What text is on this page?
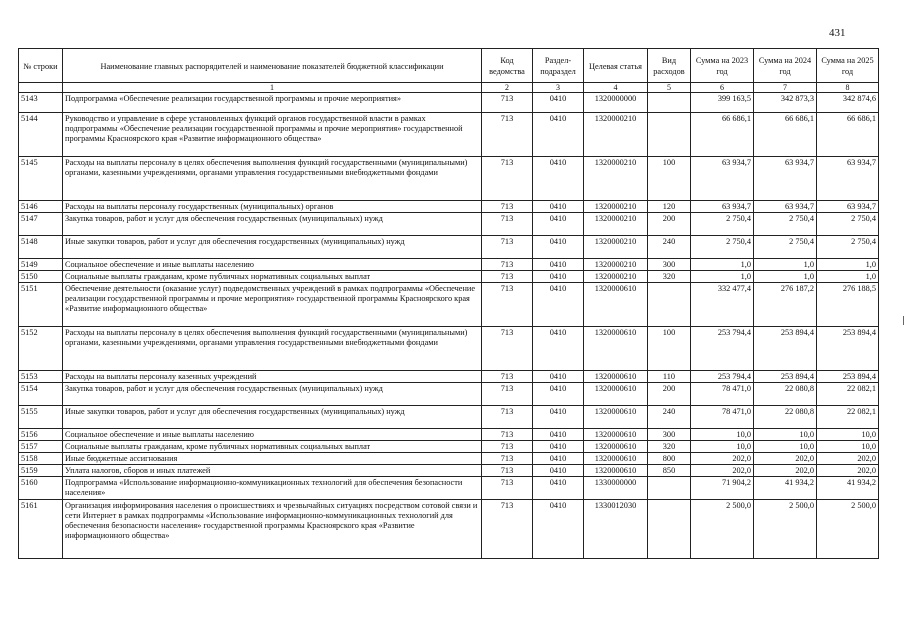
431
№ строки	Наименование главных распорядителей и наименование показателей бюджетной классификации	Код ведомства	Раздел-подраздел	Целевая статья	Вид расходов	Сумма на 2023 год	Сумма на 2024 год	Сумма на 2025 год
	1	2	3	4	5	6	7	8
5143	Подпрограмма «Обеспечение реализации государственной программы и прочие мероприятия»	713	0410	1320000000		399 163,5	342 873,3	342 874,6
5144	Руководство и управление в сфере установленных функций органов государственной власти в рамках подпрограммы «Обеспечение реализации государственной программы и прочие мероприятия» государственной программы Красноярского края «Развитие информационного общества»	713	0410	1320000210		66 686,1	66 686,1	66 686,1
5145	Расходы на выплаты персоналу в целях обеспечения выполнения функций государственными (муниципальными) органами, казенными учреждениями, органами управления государственными внебюджетными фондами	713	0410	1320000210	100	63 934,7	63 934,7	63 934,7
5146	Расходы на выплаты персоналу государственных (муниципальных) органов	713	0410	1320000210	120	63 934,7	63 934,7	63 934,7
5147	Закупка товаров, работ и услуг для обеспечения государственных (муниципальных) нужд	713	0410	1320000210	200	2 750,4	2 750,4	2 750,4
5148	Иные закупки товаров, работ и услуг для обеспечения государственных (муниципальных) нужд	713	0410	1320000210	240	2 750,4	2 750,4	2 750,4
5149	Социальное обеспечение и иные выплаты населению	713	0410	1320000210	300	1,0	1,0	1,0
5150	Социальные выплаты гражданам, кроме публичных нормативных социальных выплат	713	0410	1320000210	320	1,0	1,0	1,0
5151	Обеспечение деятельности (оказание услуг) подведомственных учреждений в рамках подпрограммы «Обеспечение реализации государственной программы и прочие мероприятия» государственной программы Красноярского края «Развитие информационного общества»	713	0410	1320000610		332 477,4	276 187,2	276 188,5
5152	Расходы на выплаты персоналу в целях обеспечения выполнения функций государственными (муниципальными) органами, казенными учреждениями, органами управления государственными внебюджетными фондами	713	0410	1320000610	100	253 794,4	253 894,4	253 894,4
5153	Расходы на выплаты персоналу казенных учреждений	713	0410	1320000610	110	253 794,4	253 894,4	253 894,4
5154	Закупка товаров, работ и услуг для обеспечения государственных (муниципальных) нужд	713	0410	1320000610	200	78 471,0	22 080,8	22 082,1
5155	Иные закупки товаров, работ и услуг для обеспечения государственных (муниципальных) нужд	713	0410	1320000610	240	78 471,0	22 080,8	22 082,1
5156	Социальное обеспечение и иные выплаты населению	713	0410	1320000610	300	10,0	10,0	10,0
5157	Социальные выплаты гражданам, кроме публичных нормативных социальных выплат	713	0410	1320000610	320	10,0	10,0	10,0
5158	Иные бюджетные ассигнования	713	0410	1320000610	800	202,0	202,0	202,0
5159	Уплата налогов, сборов и иных платежей	713	0410	1320000610	850	202,0	202,0	202,0
5160	Подпрограмма «Использование информационно-коммуникационных технологий для обеспечения безопасности населения»	713	0410	1330000000		71 904,2	41 934,2	41 934,2
5161	Организация информирования населения о происшествиях и чрезвычайных ситуациях посредством сотовой связи и сети Интернет в рамках подпрограммы «Использование информационно-коммуникационных технологий для обеспечения безопасности населения» государственной программы Красноярского края «Развитие информационного общества»	713	0410	1330012030		2 500,0	2 500,0	2 500,0
